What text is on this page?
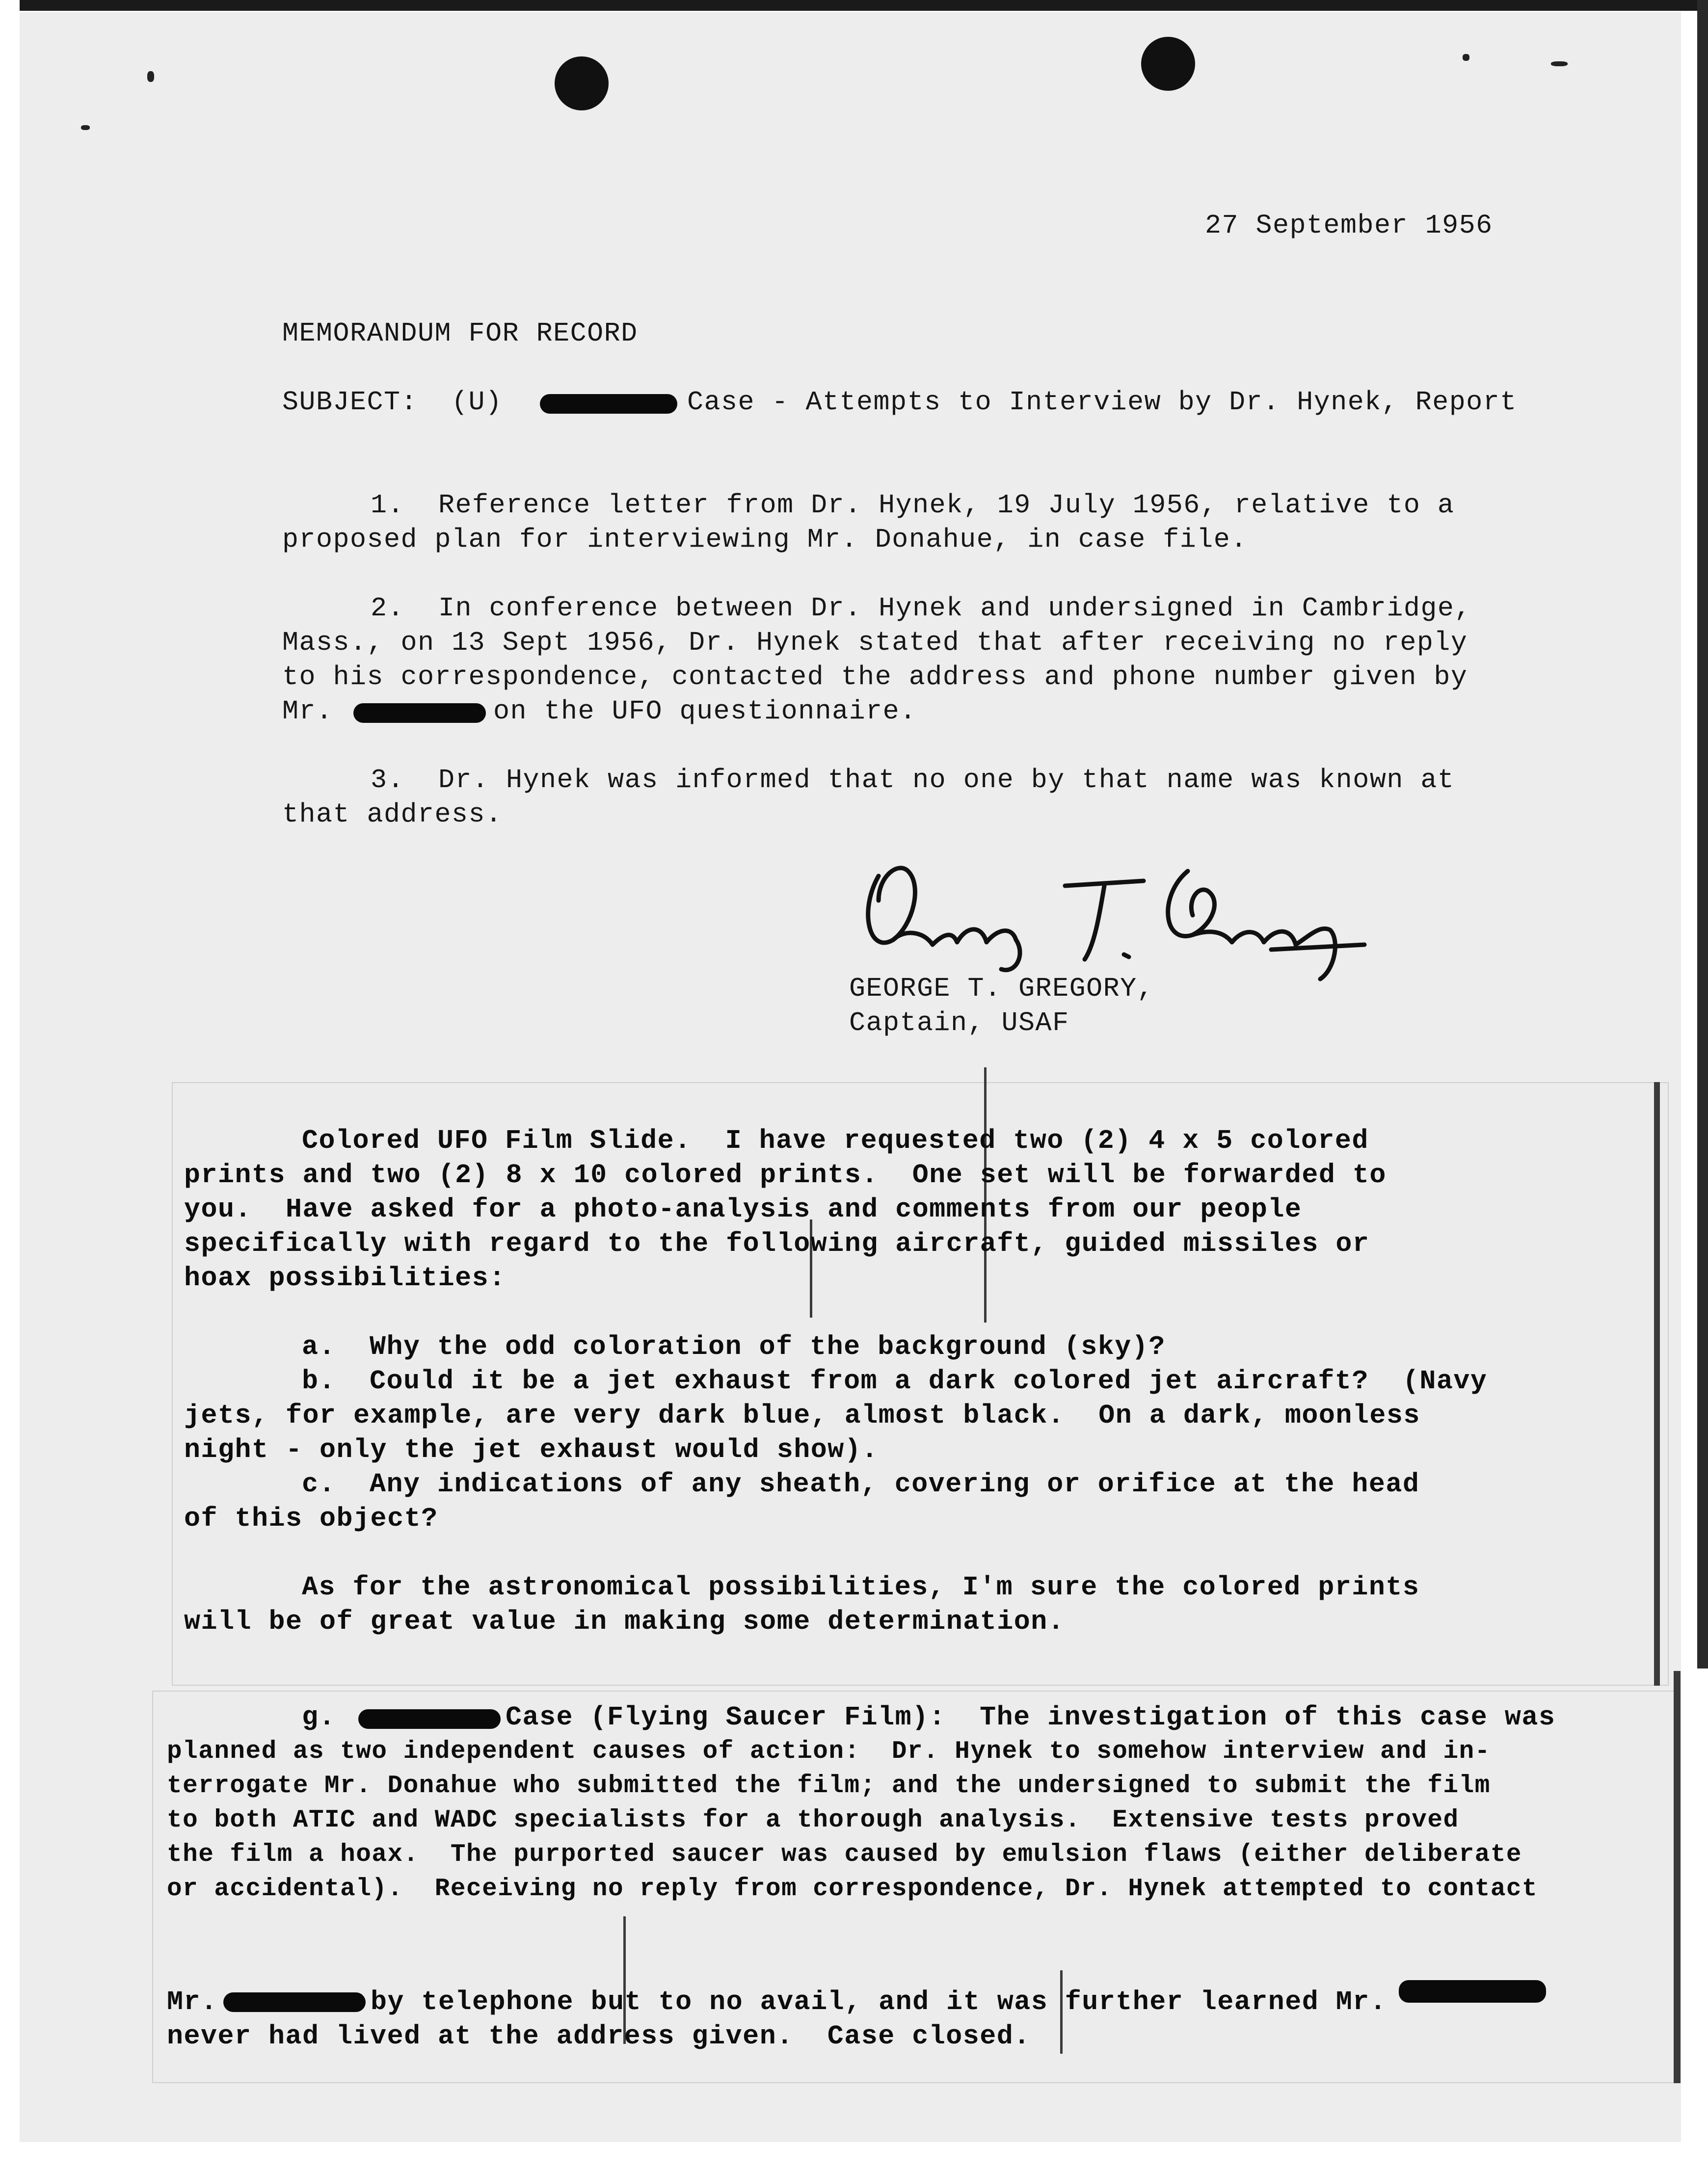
27 September 1956
MEMORANDUM FOR RECORD
SUBJECT: (U)	Case - Attempts to Interview by Dr. Hynek, Report
1.  Reference letter from Dr. Hynek, 19 July 1956, relative to a
proposed plan for interviewing Mr. Donahue, in case file.
2.  In conference between Dr. Hynek and undersigned in Cambridge,
Mass., on 13 Sept 1956, Dr. Hynek stated that after receiving no reply
to his correspondence, contacted the address and phone number given by
Mr.	on the UFO questionnaire.
3.  Dr. Hynek was informed that no one by that name was known at
that address.
GEORGE T. GREGORY,
Captain, USAF
Colored UFO Film Slide.  I have requested two (2) 4 x 5 colored
prints and two (2) 8 x 10 colored prints.  One set will be forwarded to
you.  Have asked for a photo-analysis and comments from our people
specifically with regard to the following aircraft, guided missiles or
hoax possibilities:
a.  Why the odd coloration of the background (sky)?
b.  Could it be a jet exhaust from a dark colored jet aircraft?  (Navy
jets, for example, are very dark blue, almost black.  On a dark, moonless
night - only the jet exhaust would show).
c.  Any indications of any sheath, covering or orifice at the head
of this object?
As for the astronomical possibilities, I'm sure the colored prints
will be of great value in making some determination.
g.	Case (Flying Saucer Film):  The investigation of this case was
planned as two independent causes of action:  Dr. Hynek to somehow interview and in-
terrogate Mr. Donahue who submitted the film; and the undersigned to submit the film
to both ATIC and WADC specialists for a thorough analysis.  Extensive tests proved
the film a hoax.  The purported saucer was caused by emulsion flaws (either deliberate
or accidental).  Receiving no reply from correspondence, Dr. Hynek attempted to contact
Mr.	by telephone but to no avail, and it was further learned Mr.
never had lived at the address given.  Case closed.
